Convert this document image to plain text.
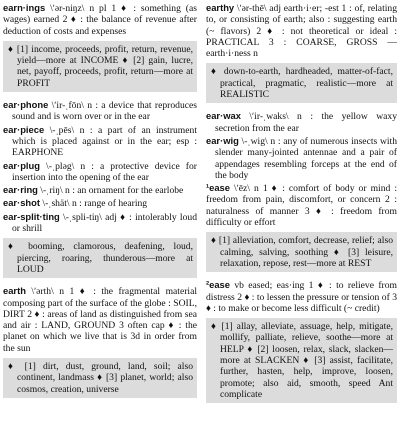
earn·ings \ʹər-niŋz\ n pl 1 ♦ : something (as wages) earned 2 ♦ : the balance of revenue after deduction of costs and expenses
♦ [1] income, proceeds, profit, return, revenue, yield—more at INCOME ♦ [2] gain, lucre, net, payoff, proceeds, profit, return—more at PROFIT
ear·phone \ʹir-ˌfōn\ n : a device that reproduces sound and is worn over or in the ear
ear·piece \-ˌpēs\ n : a part of an instrument which is placed against or in the ear; esp : EARPHONE
ear·plug \-ˌpləg\ n : a protective device for insertion into the opening of the ear
ear·ring \-ˌriŋ\ n : an ornament for the earlobe
ear·shot \-ˌshät\ n : range of hearing
ear-split·ting \-ˌspli-tiŋ\ adj ♦ : intolerably loud or shrill
♦ booming, clamorous, deafening, loud, piercing, roaring, thunderous—more at LOUD
earth \ʹərth\ n 1 ♦ : the fragmental material composing part of the surface of the globe : SOIL, DIRT 2 ♦ : areas of land as distinguished from sea and air : LAND, GROUND 3 often cap ♦ : the planet on which we live that is 3d in order from the sun
♦ [1] dirt, dust, ground, land, soil; also continent, landmass ♦ [3] planet, world; also cosmos, creation, universe
earthy \ʹər-thē\ adj earth·i·er; -est 1 : of, relating to, or consisting of earth; also : suggesting earth (~ flavors) 2 ♦ : not theoretical or ideal : PRACTICAL 3 : COARSE, GROSS — earth·i·ness n
♦ down-to-earth, hardheaded, matter-of-fact, practical, pragmatic, realistic—more at REALISTIC
ear·wax \ʹir-ˌwaks\ n : the yellow waxy secretion from the ear
ear·wig \-ˌwig\ n : any of numerous insects with slender many-jointed antennae and a pair of appendages resembling forceps at the end of the body
¹ease \ʹēz\ n 1 ♦ : comfort of body or mind : freedom from pain, discomfort, or concern 2 : naturalness of manner 3 ♦ : freedom from difficulty or effort
♦ [1] alleviation, comfort, decrease, relief; also calming, salving, soothing ♦ [3] leisure, relaxation, repose, rest—more at REST
²ease vb eased; eas·ing 1 ♦ : to relieve from distress 2 ♦ : to lessen the pressure or tension of 3 ♦ : to make or become less difficult (~ credit)
♦ [1] allay, alleviate, assuage, help, mitigate, mollify, palliate, relieve, soothe—more at HELP ♦ [2] loosen, relax, slack, slacken—more at SLACKEN ♦ [3] assist, facilitate, further, hasten, help, improve, loosen, promote; also aid, smooth, speed Ant complicate
